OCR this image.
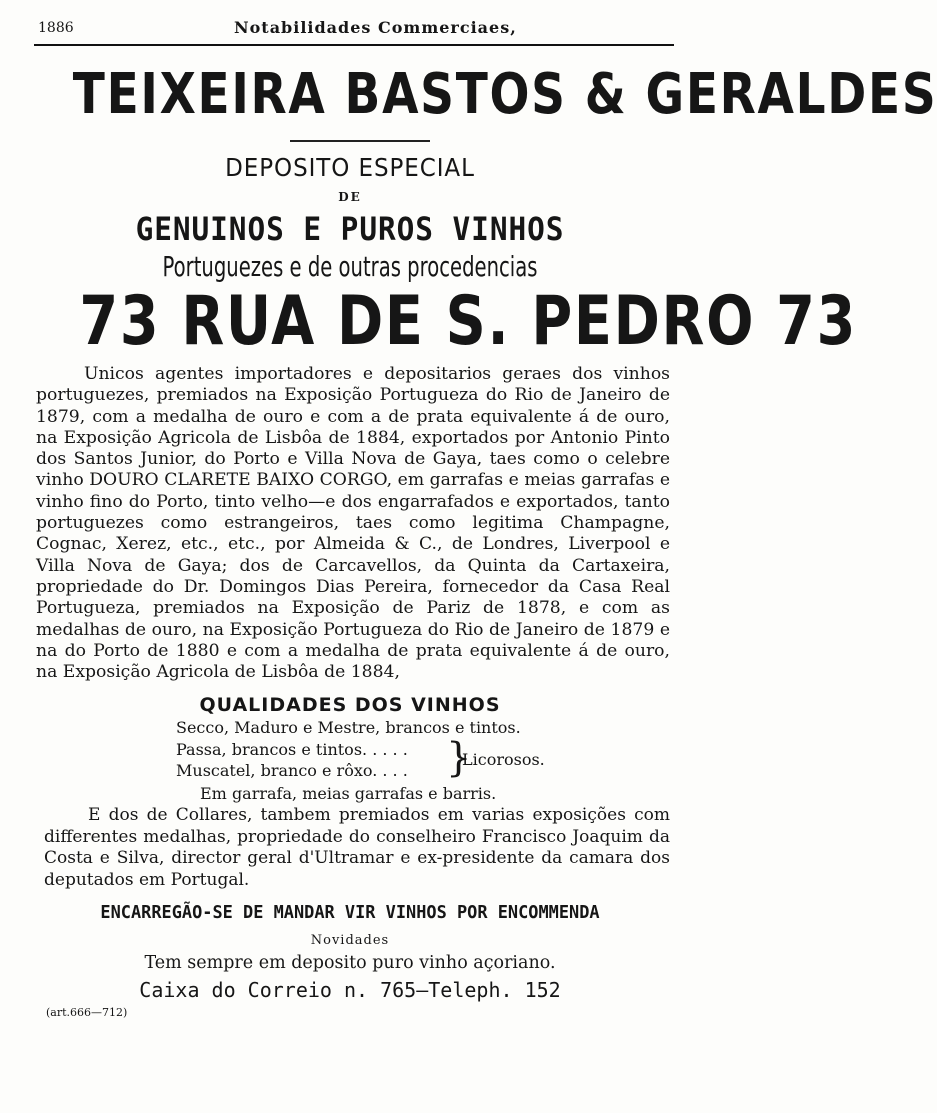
1886	Notabilidades Commerciaes,
TEIXEIRA BASTOS & GERALDES
DEPOSITO ESPECIAL
DE
GENUINOS E PUROS VINHOS
Portuguezes e de outras procedencias
73 RUA DE S. PEDRO 73

Unicos agentes importadores e depositarios geraes dos vinhos portuguezes, premiados na Exposição Portugueza do Rio de Janeiro de 1879, com a medalha de ouro e com a de prata equivalente á de ouro, na Exposição Agricola de Lisbôa de 1884, exportados por Antonio Pinto dos Santos Junior, do Porto e Villa Nova de Gaya, taes como o celebre vinho DOURO CLARETE BAIXO CORGO, em garrafas e meias garrafas e vinho fino do Porto, tinto velho—e dos engarrafados e exportados, tanto portuguezes como estrangeiros, taes como legitima Champagne, Cognac, Xerez, etc., etc., por Almeida & C., de Londres, Liverpool e Villa Nova de Gaya; dos de Carcavellos, da Quinta da Cartaxeira, propriedade do Dr. Domingos Dias Pereira, fornecedor da Casa Real Portugueza, premiados na Exposição de Pariz de 1878, e com as medalhas de ouro, na Exposição Portugueza do Rio de Janeiro de 1879 e na do Porto de 1880 e com a medalha de prata equivalente á de ouro, na Exposição Agricola de Lisbôa de 1884,

QUALIDADES DOS VINHOS
Secco, Maduro e Mestre, brancos e tintos.
Passa, brancos e tintos. . . . .
Muscatel, branco e rôxo. . . . }
Licorosos.
Em garrafa, meias garrafas e barris.

E dos de Collares, tambem premiados em varias exposições com differentes medalhas, propriedade do conselheiro Francisco Joaquim da Costa e Silva, director geral d'Ultramar e ex-presidente da camara dos deputados em Portugal.

ENCARREGÃO-SE DE MANDAR VIR VINHOS POR ENCOMMENDA
Novidades
Tem sempre em deposito puro vinho açoriano.
Caixa do Correio n. 765—Teleph. 152
(art.666—712)
